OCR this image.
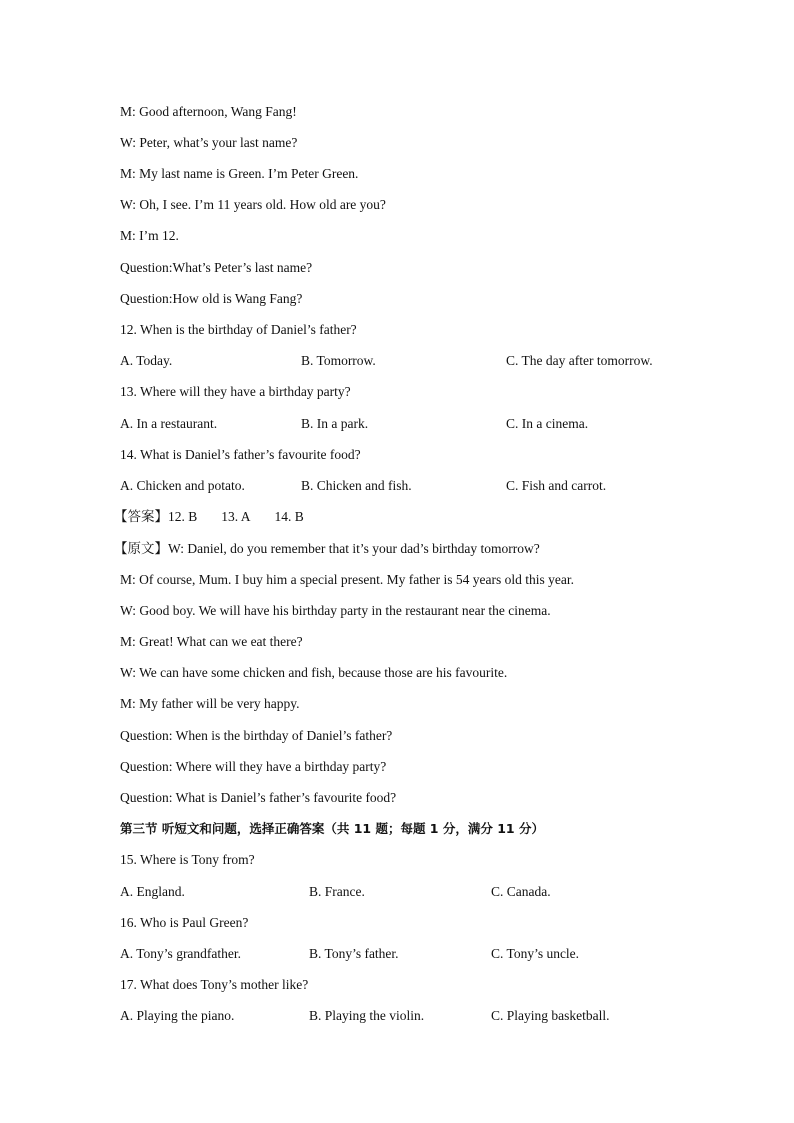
M: Good afternoon, Wang Fang!
W: Peter, what’s your last name?
M: My last name is Green. I’m Peter Green.
W: Oh, I see. I’m 11 years old. How old are you?
M: I’m 12.
Question:What’s Peter’s last name?
Question:How old is Wang Fang?
12. When is the birthday of Daniel’s father?
A. Today.	B. Tomorrow.	C. The day after tomorrow.
13. Where will they have a birthday party?
A. In a restaurant.	B. In a park.	C. In a cinema.
14. What is Daniel’s father’s favourite food?
A. Chicken and potato.	B. Chicken and fish.	C. Fish and carrot.
【答案】12. B 13. A 14. B
【原文】W: Daniel, do you remember that it’s your dad’s birthday tomorrow?
M: Of course, Mum. I buy him a special present. My father is 54 years old this year.
W: Good boy. We will have his birthday party in the restaurant near the cinema.
M: Great! What can we eat there?
W: We can have some chicken and fish, because those are his favourite.
M: My father will be very happy.
Question: When is the birthday of Daniel’s father?
Question: Where will they have a birthday party?
Question: What is Daniel’s father’s favourite food?
第三节 听短文和问题，选择正确答案（共 11 题；每题 1 分，满分 11 分）
15. Where is Tony from?
A. England.	B. France.	C. Canada.
16. Who is Paul Green?
A. Tony’s grandfather.	B. Tony’s father.	C. Tony’s uncle.
17. What does Tony’s mother like?
A. Playing the piano.	B. Playing the violin.	C. Playing basketball.
